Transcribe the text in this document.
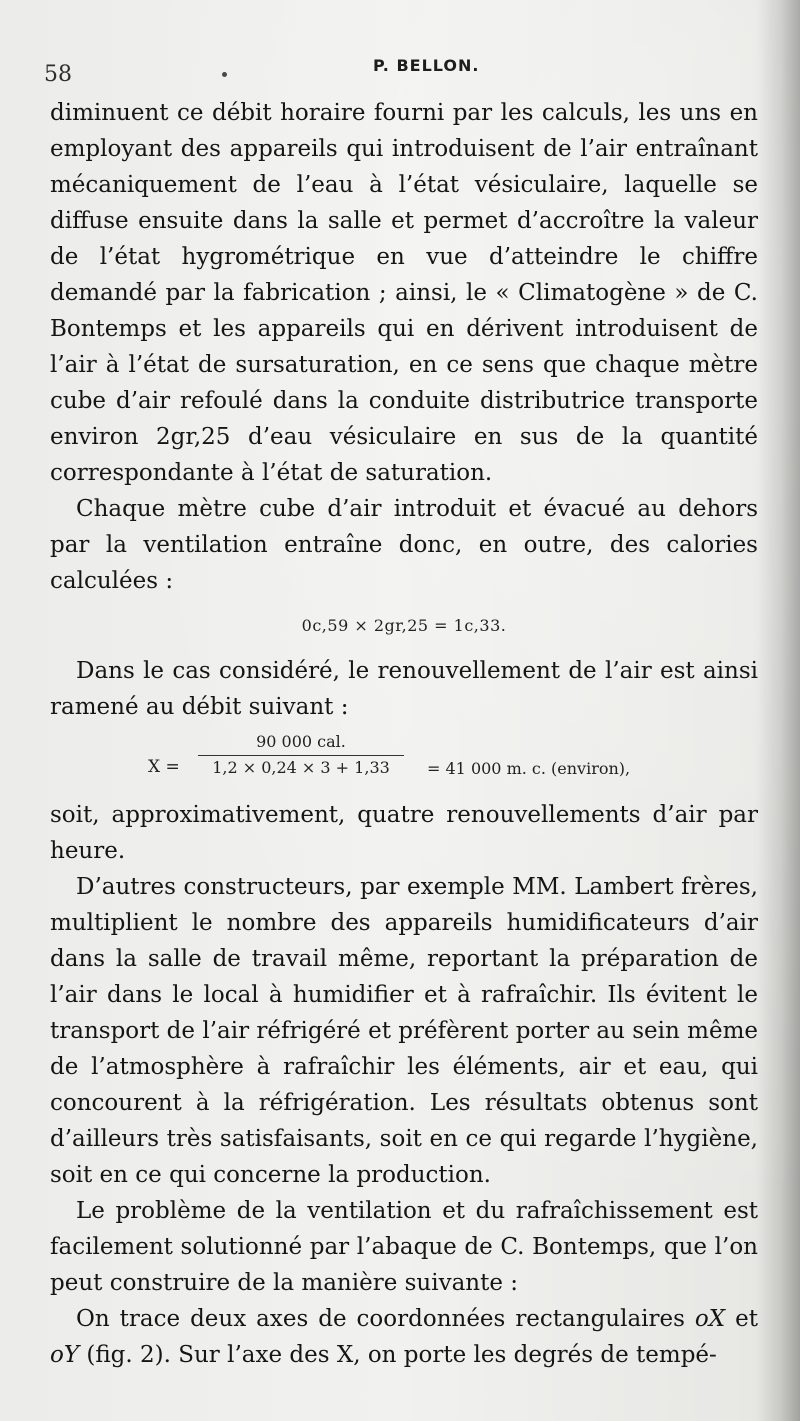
58	P. BELLON.

diminuent ce débit horaire fourni par les calculs, les uns en employant des appareils qui introduisent de l’air entraînant mécaniquement de l’eau à l’état vésiculaire, laquelle se diffuse ensuite dans la salle et permet d’accroître la valeur de l’état hygrométrique en vue d’atteindre le chiffre demandé par la fabrication ; ainsi, le « Climatogène » de C. Bontemps et les appareils qui en dérivent introduisent de l’air à l’état de sursaturation, en ce sens que chaque mètre cube d’air refoulé dans la conduite distributrice transporte environ 2gr,25 d’eau vésiculaire en sus de la quantité correspondante à l’état de saturation.

Chaque mètre cube d’air introduit et évacué au dehors par la ventilation entraîne donc, en outre, des calories calculées :

0c,59 × 2gr,25 = 1c,33.

Dans le cas considéré, le renouvellement de l’air est ainsi ramené au débit suivant :

X =
90 000 cal.
1,2 × 0,24 × 3 + 1,33	= 41 000 m. c. (environ),

soit, approximativement, quatre renouvellements d’air par heure.

D’autres constructeurs, par exemple MM. Lambert frères, multiplient le nombre des appareils humidificateurs d’air dans la salle de travail même, reportant la préparation de l’air dans le local à humidifier et à rafraîchir. Ils évitent le transport de l’air réfrigéré et préfèrent porter au sein même de l’atmosphère à rafraîchir les éléments, air et eau, qui concourent à la réfrigération. Les résultats obtenus sont d’ailleurs très satisfaisants, soit en ce qui regarde l’hygiène, soit en ce qui concerne la production.

Le problème de la ventilation et du rafraîchissement est facilement solutionné par l’abaque de C. Bontemps, que l’on peut construire de la manière suivante :

On trace deux axes de coordonnées rectangulaires oX et oY (fig. 2). Sur l’axe des X, on porte les degrés de tempé-
